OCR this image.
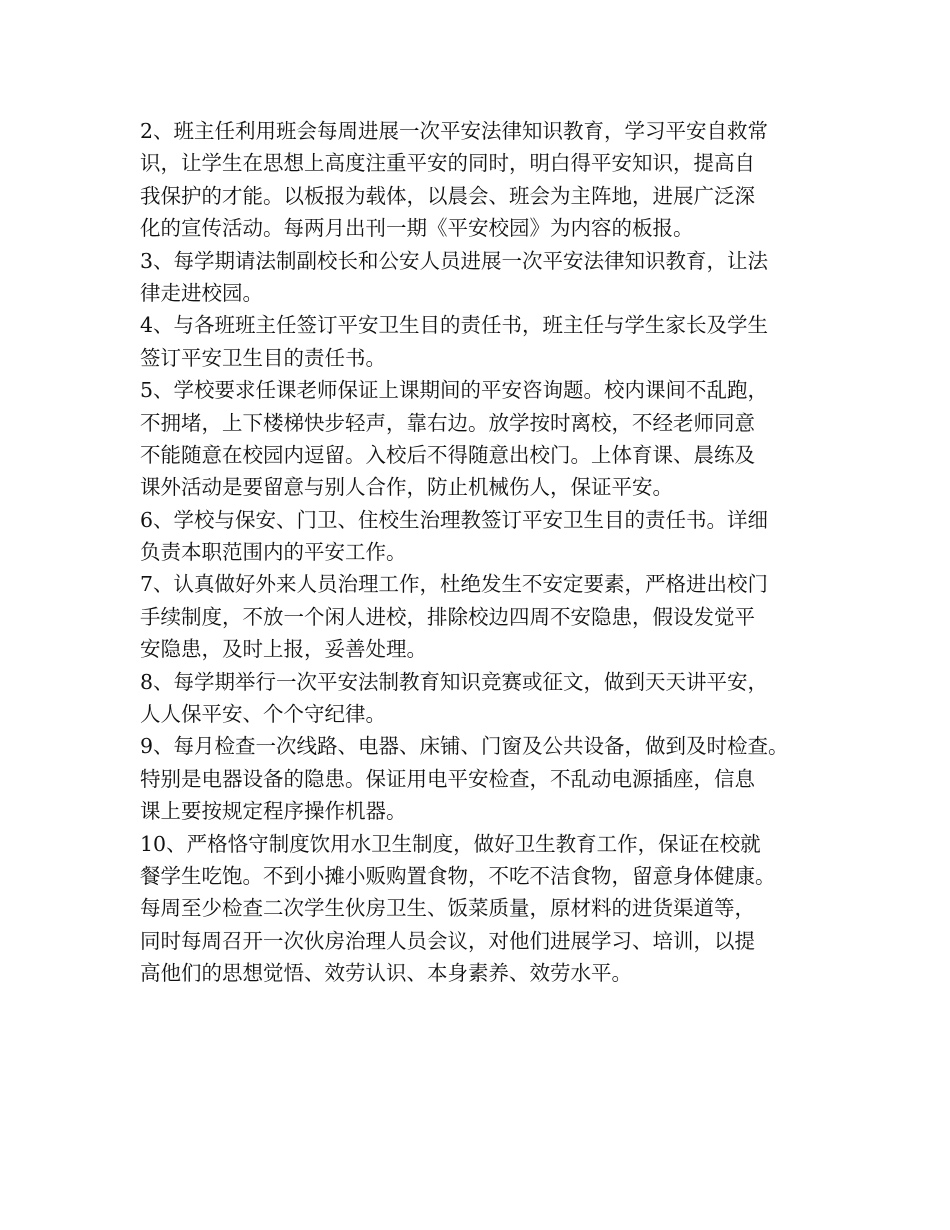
2、班主任利用班会每周进展一次平安法律知识教育，学习平安自救常
识，让学生在思想上高度注重平安的同时，明白得平安知识，提高自
我保护的才能。以板报为载体，以晨会、班会为主阵地，进展广泛深
化的宣传活动。每两月出刊一期《平安校园》为内容的板报。
3、每学期请法制副校长和公安人员进展一次平安法律知识教育，让法
律走进校园。
4、与各班班主任签订平安卫生目的责任书，班主任与学生家长及学生
签订平安卫生目的责任书。
5、学校要求任课老师保证上课期间的平安咨询题。校内课间不乱跑，
不拥堵，上下楼梯快步轻声，靠右边。放学按时离校，不经老师同意
不能随意在校园内逗留。入校后不得随意出校门。上体育课、晨练及
课外活动是要留意与别人合作，防止机械伤人，保证平安。
6、学校与保安、门卫、住校生治理教签订平安卫生目的责任书。详细
负责本职范围内的平安工作。
7、认真做好外来人员治理工作，杜绝发生不安定要素，严格进出校门
手续制度，不放一个闲人进校，排除校边四周不安隐患，假设发觉平
安隐患，及时上报，妥善处理。
8、每学期举行一次平安法制教育知识竞赛或征文，做到天天讲平安，
人人保平安、个个守纪律。
9、每月检查一次线路、电器、床铺、门窗及公共设备，做到及时检查。
特别是电器设备的隐患。保证用电平安检查，不乱动电源插座，信息
课上要按规定程序操作机器。
10、严格恪守制度饮用水卫生制度，做好卫生教育工作，保证在校就
餐学生吃饱。不到小摊小贩购置食物，不吃不洁食物，留意身体健康。
每周至少检查二次学生伙房卫生、饭菜质量，原材料的进货渠道等，
同时每周召开一次伙房治理人员会议，对他们进展学习、培训，以提
高他们的思想觉悟、效劳认识、本身素养、效劳水平。
